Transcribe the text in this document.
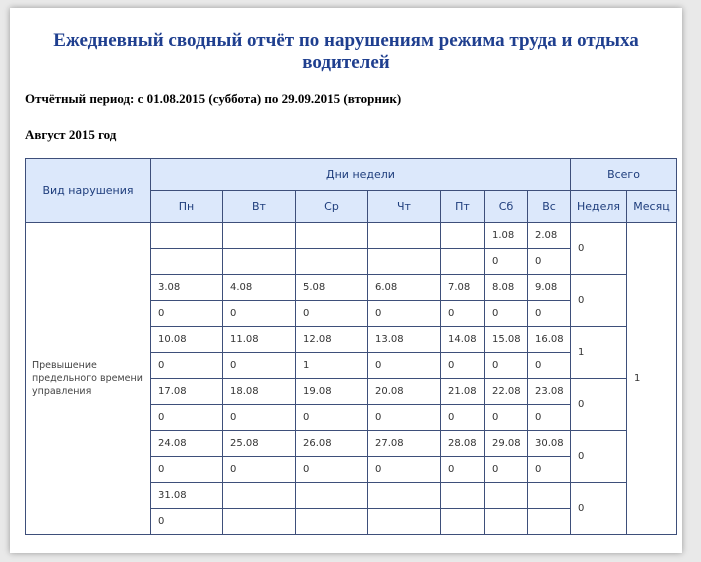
Ежедневный сводный отчёт по нарушениям режима труда и отдыха
водителей
Отчётный период: с 01.08.2015 (суббота) по 29.09.2015 (вторник)
Август 2015 год
Вид нарушения	Дни недели							Всего	
	Пн	Вт	Ср	Чт	Пт	Сб	Вс	Неделя	Месяц
Превышение предельного времени управления						1.08	2.08	0	1
						0	0		
	3.08	4.08	5.08	6.08	7.08	8.08	9.08	0	
	0	0	0	0	0	0	0		
	10.08	11.08	12.08	13.08	14.08	15.08	16.08	1	
	0	0	1	0	0	0	0		
	17.08	18.08	19.08	20.08	21.08	22.08	23.08	0	
	0	0	0	0	0	0	0		
	24.08	25.08	26.08	27.08	28.08	29.08	30.08	0	
	0	0	0	0	0	0	0		
	31.08							0	
	0								
